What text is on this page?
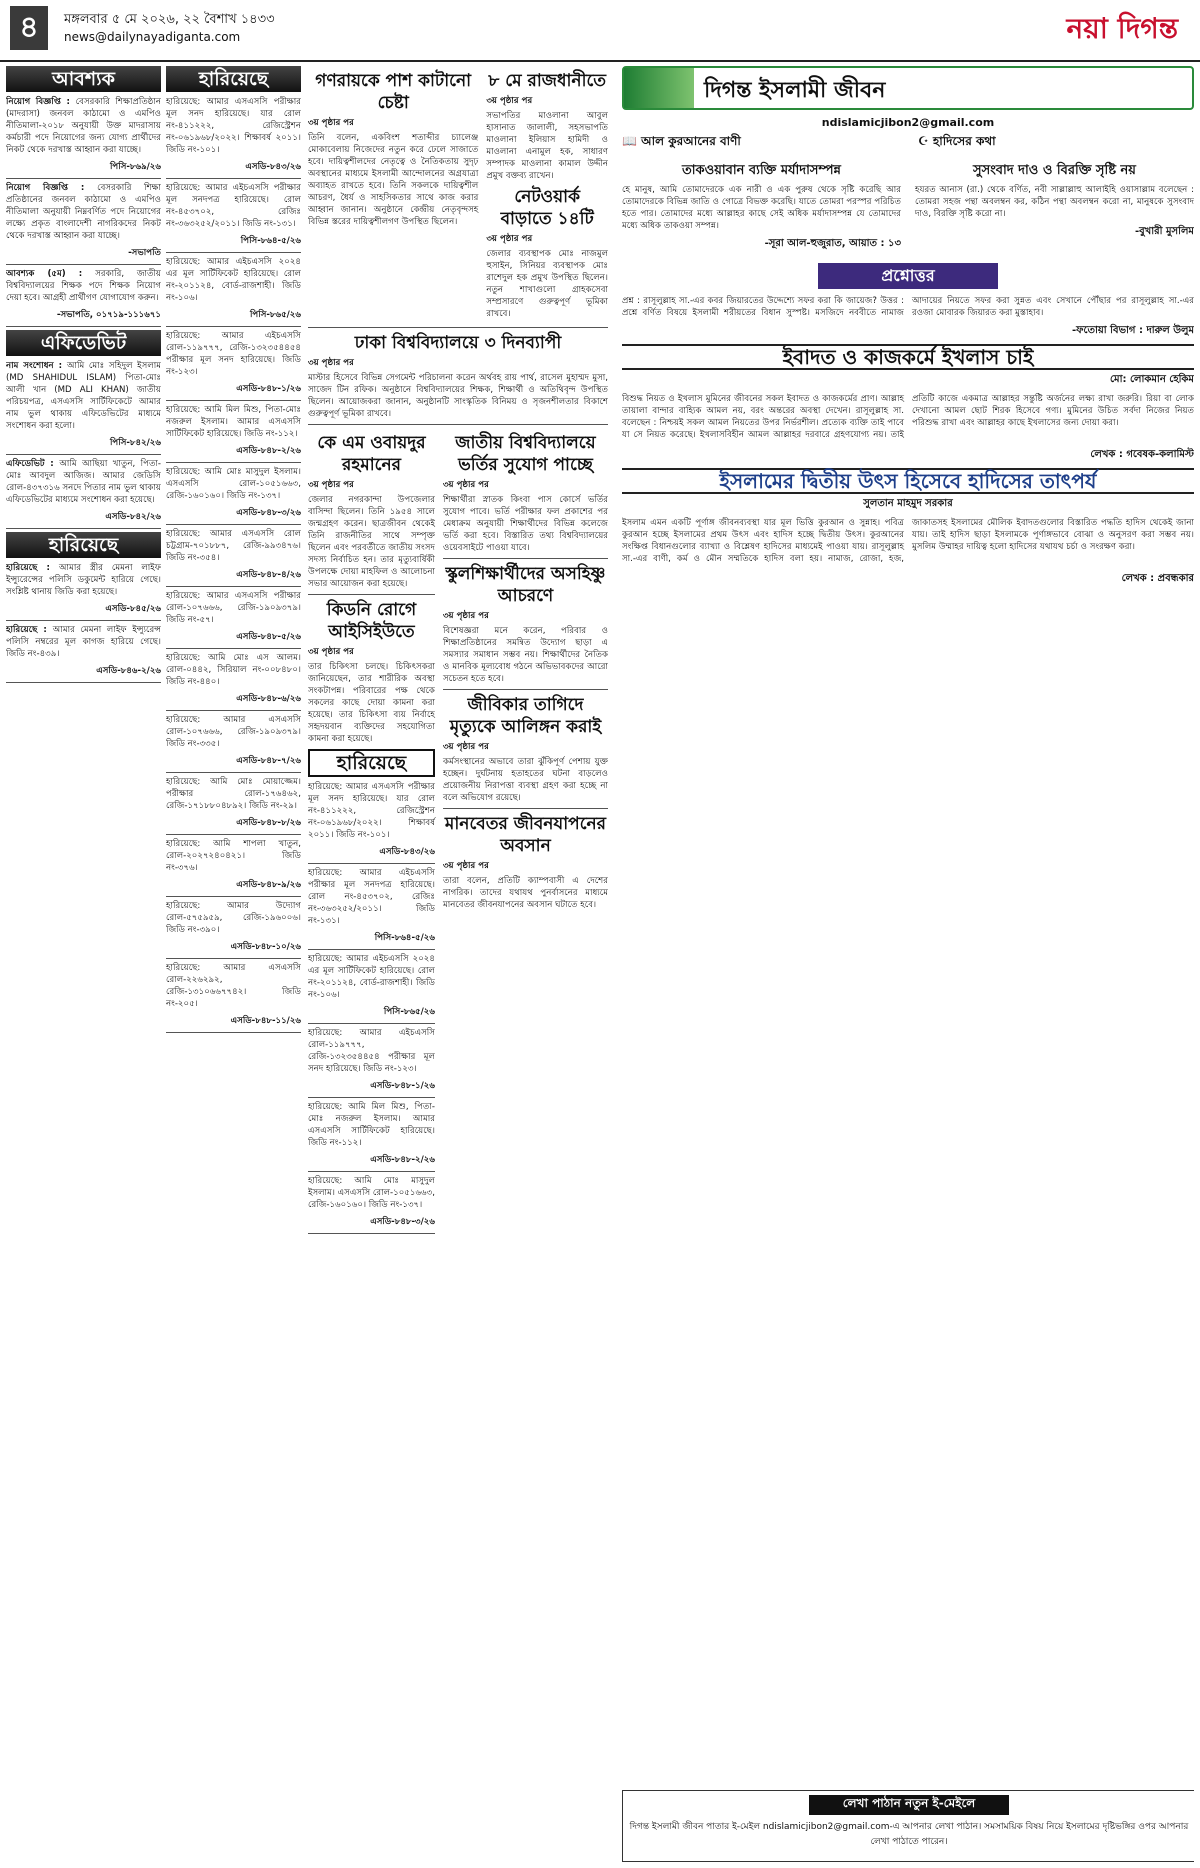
৪	মঙ্গলবার ৫ মে ২০২৬, ২২ বৈশাখ ১৪৩৩
news@dailynayadiganta.com	নয়া দিগন্ত
আবশ্যক

নিয়োগ বিজ্ঞপ্তি : বেসরকারি শিক্ষাপ্রতিষ্ঠান (মাদরাসা) জনবল কাঠামো ও এমপিও নীতিমালা-২০১৮ অনুযায়ী উক্ত মাদরাসায় কর্মচারী পদে নিয়োগের জন্য যোগ্য প্রার্থীদের নিকট থেকে দরখাস্ত আহ্বান করা যাচ্ছে।

পিসি-৮৬৯/২৬

নিয়োগ বিজ্ঞপ্তি : বেসরকারি শিক্ষা প্রতিষ্ঠানের জনবল কাঠামো ও এমপিও নীতিমালা অনুযায়ী নিম্নবর্ণিত পদে নিয়োগের লক্ষ্যে প্রকৃত বাংলাদেশী নাগরিকদের নিকট থেকে দরখাস্ত আহ্বান করা যাচ্ছে।

-সভাপতি

আবশ্যক (৫ম) : সরকারি, জাতীয় বিশ্ববিদ্যালয়ের শিক্ষক পদে শিক্ষক নিয়োগ দেয়া হবে। আগ্রহী প্রার্থীগণ যোগাযোগ করুন।

-সভাপতি, ০১৭১৯-১১১৬৭১
এফিডেভিট

নাম সংশোধন : আমি মোঃ সহিদুল ইসলাম (MD SHAHIDUL ISLAM) পিতা-মোঃ আলী খান (MD ALI KHAN) জাতীয় পরিচয়পত্র, এসএসসি সার্টিফিকেটে আমার নাম ভুল থাকায় এফিডেভিটের মাধ্যমে সংশোধন করা হলো।

পিসি-৮৪২/২৬

এফিডেভিট : আমি আছিয়া খাতুন, পিতা-মোঃ আবদুল আজিজ। আমার জেডিসি রোল-৪৩৭৩১৬ সনদে পিতার নাম ভুল থাকায় এফিডেভিটের মাধ্যমে সংশোধন করা হয়েছে।

এসডি-৮৪২/২৬
হারিয়েছে

হারিয়েছে : আমার স্ত্রীর মেমনা লাইফ ইন্স্যুরেন্সের পলিসি ডকুমেন্ট হারিয়ে গেছে। সংশ্লিষ্ট থানায় জিডি করা হয়েছে।

এসডি-৮৪৫/২৬

হারিয়েছে : আমার মেমনা লাইফ ইন্স্যুরেন্স পলিসি নম্বরের মূল কাগজ হারিয়ে গেছে। জিডি নং-৪৩৯।

এসডি-৮৪৬-২/২৬
হারিয়েছে

হারিয়েছে: আমার এসএসসি পরীক্ষার মূল সনদ হারিয়েছে। যার রোল নং-৪১১২২২, রেজিস্ট্রেশন নং-০৬১৯৬৮/২০২২। শিক্ষাবর্ষ ২০১১। জিডি নং-১০১।

এসডি-৮৪৩/২৬

হারিয়েছে: আমার এইচএসসি পরীক্ষার মূল সনদপত্র হারিয়েছে। রোল নং-৪৫৩৭০২, রেজিঃ নং-৩৬৩২৫২/২০১১। জিডি নং-১৩১।

পিসি-৮৬৪-৫/২৬

হারিয়েছে: আমার এইচএসসি ২০২৪ এর মূল সার্টিফিকেট হারিয়েছে। রোল নং-২০১১২৪, বোর্ড-রাজশাহী। জিডি নং-১০৬।

পিসি-৮৬৫/২৬

হারিয়েছে: আমার এইচএসসি রোল-১১৯৭৭৭, রেজি-১৩২৩৫৪৪৫৪ পরীক্ষার মূল সনদ হারিয়েছে। জিডি নং-১২৩।

এসডি-৮৪৮-১/২৬

হারিয়েছে: আমি মিল মিশু, পিতা-মোঃ নজরুল ইসলাম। আমার এসএসসি সার্টিফিকেট হারিয়েছে। জিডি নং-১১২।

এসডি-৮৪৮-২/২৬

হারিয়েছে: আমি মোঃ মাসুদুল ইসলাম। এসএসসি রোল-১০৫১৬৬৩, রেজি-১৬০১৬০। জিডি নং-১৩৭।

এসডি-৮৪৮-৩/২৬

হারিয়েছে: আমার এসএসসি রোল চট্টগ্রাম-৭০১৮৮৭, রেজি-৯৯৩৪৭৬। জিডি নং-৩৫৪।

এসডি-৮৪৮-৪/২৬

হারিয়েছে: আমার এসএসসি পরীক্ষার রোল-১০৭৬৬৬, রেজি-১৯০৯৩৭৯। জিডি নং-৫৭।

এসডি-৮৪৮-৫/২৬

হারিয়েছে: আমি মোঃ এস আলম। রোল-০৪৪২, সিরিয়াল নং-০০৮৪৮০। জিডি নং-৪৪০।

এসডি-৮৪৮-৬/২৬

হারিয়েছে: আমার এসএসসি রোল-১০৭৬৬৬, রেজি-১৯০৯৩৭৯। জিডি নং-৩৩৫।

এসডি-৮৪৮-৭/২৬

হারিয়েছে: আমি মোঃ মোয়াজ্জেম। পরীক্ষার রোল-১৭৬৪৬২, রেজি-১৭১৮৮০৪৮৯২। জিডি নং-২৯।

এসডি-৮৪৮-৮/২৬

হারিয়েছে: আমি শাপলা খাতুন, রোল-২০২৭২৪০৪২১। জিডি নং-৩৭৬।

এসডি-৮৪৮-৯/২৬

হারিয়েছে: আমার উদ্যোগ রোল-৫৭৫৯৫৯, রেজি-১৯৬০০৬। জিডি নং-৩৯০।

এসডি-৮৪৮-১০/২৬

হারিয়েছে: আমার এসএসসি রোল-২২৬২৯২, রেজি-১৩১০৬৬৭৭৪২। জিডি নং-২০৫।

এসডি-৮৪৮-১১/২৬
গণরায়কে পাশ কাটানো চেষ্টা
৩য় পৃষ্ঠার পর

তিনি বলেন, একবিংশ শতাব্দীর চ্যালেঞ্জ মোকাবেলায় নিজেদের নতুন করে ঢেলে সাজাতে হবে। দায়িত্বশীলদের নেতৃত্বে ও নৈতিকতায় সুদৃঢ় অবস্থানের মাধ্যমে ইসলামী আন্দোলনের অগ্রযাত্রা অব্যাহত রাখতে হবে। তিনি সকলকে দায়িত্বশীল আচরণ, ধৈর্য ও সাহসিকতার সাথে কাজ করার আহ্বান জানান। অনুষ্ঠানে কেন্দ্রীয় নেতৃবৃন্দসহ বিভিন্ন স্তরের দায়িত্বশীলগণ উপস্থিত ছিলেন।

৮ মে রাজধানীতে
৩য় পৃষ্ঠার পর

সভাপতির মাওলানা আবুল হাসানাত জালালী, সহসভাপতি মাওলানা ইলিয়াস হামিদী ও মাওলানা এনামুল হক, সাধারণ সম্পাদক মাওলানা কামাল উদ্দীন প্রমুখ বক্তব্য রাখেন।

নেটওয়ার্ক বাড়াতে ১৪টি
৩য় পৃষ্ঠার পর

জেলার ব্যবস্থাপক মোঃ নাজমুল হুসাইন, সিনিয়র ব্যবস্থাপক মোঃ রাশেদুল হক প্রমুখ উপস্থিত ছিলেন। নতুন শাখাগুলো গ্রাহকসেবা সম্প্রসারণে গুরুত্বপূর্ণ ভূমিকা রাখবে।

ঢাকা বিশ্ববিদ্যালয়ে ৩ দিনব্যাপী
৩য় পৃষ্ঠার পর

মাস্টার হিসেবে বিভিন্ন সেগমেন্ট পরিচালনা করেন অর্থবহ রায় পার্থ, রাসেল মুহাম্মদ মুসা, সাজেদ টিন রফিক। অনুষ্ঠানে বিশ্ববিদ্যালয়ের শিক্ষক, শিক্ষার্থী ও অতিথিবৃন্দ উপস্থিত ছিলেন। আয়োজকরা জানান, অনুষ্ঠানটি সাংস্কৃতিক বিনিময় ও সৃজনশীলতার বিকাশে গুরুত্বপূর্ণ ভূমিকা রাখবে।

কে এম ওবায়দুর রহমানের
৩য় পৃষ্ঠার পর

জেলার নগরকান্দা উপজেলার বাসিন্দা ছিলেন। তিনি ১৯৫৪ সালে জন্মগ্রহণ করেন। ছাত্রজীবন থেকেই তিনি রাজনীতির সাথে সম্পৃক্ত ছিলেন এবং পরবর্তীতে জাতীয় সংসদ সদস্য নির্বাচিত হন। তার মৃত্যুবার্ষিকী উপলক্ষে দোয়া মাহফিল ও আলোচনা সভার আয়োজন করা হয়েছে।

কিডনি রোগে আইসিইউতে
৩য় পৃষ্ঠার পর

তার চিকিৎসা চলছে। চিকিৎসকরা জানিয়েছেন, তার শারীরিক অবস্থা সংকটাপন্ন। পরিবারের পক্ষ থেকে সকলের কাছে দোয়া কামনা করা হয়েছে। তার চিকিৎসা ব্যয় নির্বাহে সহৃদয়বান ব্যক্তিদের সহযোগিতা কামনা করা হয়েছে।

হারিয়েছে

হারিয়েছে: আমার এসএসসি পরীক্ষার মূল সনদ হারিয়েছে। যার রোল নং-৪১১২২২, রেজিস্ট্রেশন নং-০৬১৯৬৮/২০২২। শিক্ষাবর্ষ ২০১১। জিডি নং-১০১।

এসডি-৮৪৩/২৬

হারিয়েছে: আমার এইচএসসি পরীক্ষার মূল সনদপত্র হারিয়েছে। রোল নং-৪৫৩৭০২, রেজিঃ নং-৩৬৩২৫২/২০১১। জিডি নং-১৩১।

পিসি-৮৬৪-৫/২৬

হারিয়েছে: আমার এইচএসসি ২০২৪ এর মূল সার্টিফিকেট হারিয়েছে। রোল নং-২০১১২৪, বোর্ড-রাজশাহী। জিডি নং-১০৬।

পিসি-৮৬৫/২৬

হারিয়েছে: আমার এইচএসসি রোল-১১৯৭৭৭, রেজি-১৩২৩৫৪৪৫৪ পরীক্ষার মূল সনদ হারিয়েছে। জিডি নং-১২৩।

এসডি-৮৪৮-১/২৬

হারিয়েছে: আমি মিল মিশু, পিতা-মোঃ নজরুল ইসলাম। আমার এসএসসি সার্টিফিকেট হারিয়েছে। জিডি নং-১১২।

এসডি-৮৪৮-২/২৬

হারিয়েছে: আমি মোঃ মাসুদুল ইসলাম। এসএসসি রোল-১০৫১৬৬৩, রেজি-১৬০১৬০। জিডি নং-১৩৭।

এসডি-৮৪৮-৩/২৬
জাতীয় বিশ্ববিদ্যালয়ে ভর্তির সুযোগ পাচ্ছে
৩য় পৃষ্ঠার পর

শিক্ষার্থীরা স্নাতক কিংবা পাস কোর্সে ভর্তির সুযোগ পাবে। ভর্তি পরীক্ষার ফল প্রকাশের পর মেধাক্রম অনুযায়ী শিক্ষার্থীদের বিভিন্ন কলেজে ভর্তি করা হবে। বিস্তারিত তথ্য বিশ্ববিদ্যালয়ের ওয়েবসাইটে পাওয়া যাবে।

স্কুলশিক্ষার্থীদের অসহিষ্ণু আচরণে
৩য় পৃষ্ঠার পর

বিশেষজ্ঞরা মনে করেন, পরিবার ও শিক্ষাপ্রতিষ্ঠানের সমন্বিত উদ্যোগ ছাড়া এ সমস্যার সমাধান সম্ভব নয়। শিক্ষার্থীদের নৈতিক ও মানবিক মূল্যবোধ গঠনে অভিভাবকদের আরো সচেতন হতে হবে।

জীবিকার তাগিদে মৃত্যুকে আলিঙ্গন করাই
৩য় পৃষ্ঠার পর

কর্মসংস্থানের অভাবে তারা ঝুঁকিপূর্ণ পেশায় যুক্ত হচ্ছেন। দুর্ঘটনায় হতাহতের ঘটনা বাড়লেও প্রয়োজনীয় নিরাপত্তা ব্যবস্থা গ্রহণ করা হচ্ছে না বলে অভিযোগ রয়েছে।

মানবেতর জীবনযাপনের অবসান
৩য় পৃষ্ঠার পর

তারা বলেন, প্রতিটি ক্যাম্পবাসী এ দেশের নাগরিক। তাদের যথাযথ পুনর্বাসনের মাধ্যমে মানবেতর জীবনযাপনের অবসান ঘটাতে হবে।

দিগন্ত ইসলামী জীবন
ndislamicjibon2@gmail.com
📖 আল কুরআনের বাণী	☪ হাদিসের কথা
তাকওয়াবান ব্যক্তি মর্যাদাসম্পন্ন

হে মানুষ, আমি তোমাদেরকে এক নারী ও এক পুরুষ থেকে সৃষ্টি করেছি আর তোমাদেরকে বিভিন্ন জাতি ও গোত্রে বিভক্ত করেছি। যাতে তোমরা পরস্পর পরিচিত হতে পার। তোমাদের মধ্যে আল্লাহর কাছে সেই অধিক মর্যাদাসম্পন্ন যে তোমাদের মধ্যে অধিক তাকওয়া সম্পন্ন।

-সূরা আল-হুজুরাত, আয়াত : ১৩
সুসংবাদ দাও ও বিরক্তি সৃষ্টি নয়

হযরত আনাস (রা.) থেকে বর্ণিত, নবী সাল্লাল্লাহু আলাইহি ওয়াসাল্লাম বলেছেন : তোমরা সহজ পন্থা অবলম্বন কর, কঠিন পন্থা অবলম্বন করো না, মানুষকে সুসংবাদ দাও, বিরক্তি সৃষ্টি করো না।

-বুখারী মুসলিম
প্রশ্নোত্তর

প্রশ্ন : রাসূলুল্লাহ সা.-এর কবর জিয়ারতের উদ্দেশ্যে সফর করা কি জায়েজ? উত্তর : প্রশ্নে বর্ণিত বিষয়ে ইসলামী শরীয়তের বিধান সুস্পষ্ট। মসজিদে নববীতে নামাজ আদায়ের নিয়তে সফর করা সুন্নত এবং সেখানে পৌঁছার পর রাসূলুল্লাহ সা.-এর রওজা মোবারক জিয়ারত করা মুস্তাহাব।

-ফতোয়া বিভাগ : দারুল উলুম
ইবাদত ও কাজকর্মে ইখলাস চাই
মো: লোকমান হেকিম

বিশুদ্ধ নিয়ত ও ইখলাস মুমিনের জীবনের সকল ইবাদত ও কাজকর্মের প্রাণ। আল্লাহ তায়ালা বান্দার বাহ্যিক আমল নয়, বরং অন্তরের অবস্থা দেখেন। রাসূলুল্লাহ সা. বলেছেন : নিশ্চয়ই সকল আমল নিয়তের উপর নির্ভরশীল। প্রত্যেক ব্যক্তি তাই পাবে যা সে নিয়ত করেছে। ইখলাসবিহীন আমল আল্লাহর দরবারে গ্রহণযোগ্য নয়। তাই প্রতিটি কাজে একমাত্র আল্লাহর সন্তুষ্টি অর্জনের লক্ষ্য রাখা জরুরি। রিয়া বা লোক দেখানো আমল ছোট শিরক হিসেবে গণ্য। মুমিনের উচিত সর্বদা নিজের নিয়ত পরিশুদ্ধ রাখা এবং আল্লাহর কাছে ইখলাসের জন্য দোয়া করা।

লেখক : গবেষক-কলামিস্ট
ইসলামের দ্বিতীয় উৎস হিসেবে হাদিসের তাৎপর্য
সুলতান মাহমুদ সরকার

ইসলাম এমন একটি পূর্ণাঙ্গ জীবনব্যবস্থা যার মূল ভিত্তি কুরআন ও সুন্নাহ। পবিত্র কুরআন হচ্ছে ইসলামের প্রথম উৎস এবং হাদিস হচ্ছে দ্বিতীয় উৎস। কুরআনের সংক্ষিপ্ত বিধানগুলোর ব্যাখ্যা ও বিশ্লেষণ হাদিসের মাধ্যমেই পাওয়া যায়। রাসূলুল্লাহ সা.-এর বাণী, কর্ম ও মৌন সম্মতিকে হাদিস বলা হয়। নামাজ, রোজা, হজ, জাকাতসহ ইসলামের মৌলিক ইবাদতগুলোর বিস্তারিত পদ্ধতি হাদিস থেকেই জানা যায়। তাই হাদিস ছাড়া ইসলামকে পূর্ণাঙ্গভাবে বোঝা ও অনুসরণ করা সম্ভব নয়। মুসলিম উম্মাহর দায়িত্ব হলো হাদিসের যথাযথ চর্চা ও সংরক্ষণ করা।

লেখক : প্রবন্ধকার
লেখা পাঠান নতুন ই-মেইলে
দিগন্ত ইসলামী জীবন পাতার ই-মেইল ndislamicjibon2@gmail.com-এ আপনার লেখা পাঠান। সমসাময়িক বিষয় নিয়ে ইসলামের দৃষ্টিভঙ্গির ওপর আপনার লেখা পাঠাতে পারেন।
